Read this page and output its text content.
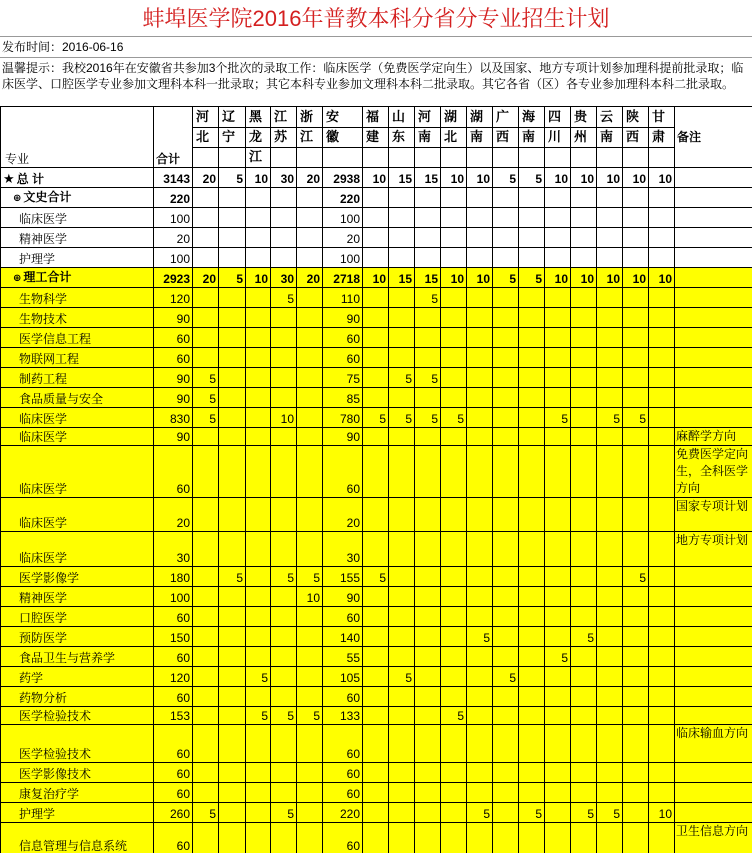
蚌埠医学院2016年普教本科分省分专业招生计划
发布时间：2016-06-16
温馨提示：我校2016年在安徽省共参加3个批次的录取工作：临床医学（免费医学定向生）以及国家、地方专项计划参加理科提前批录取；临床医学、口腔医学专业参加文理科本科一批录取；其它本科专业参加文理科本科二批录取。其它各省（区）各专业参加理科本科二批录取。
专业	合计	河北	辽宁	黑龙江	江苏	浙江	安徽	福建	山东	河南	湖北	湖南	广西	海南	四川	贵州	云南	陕西	甘肃	备注
★ 总 计	3143	20	5	10	30	20	2938	10	15	15	10	10	5	5	10	10	10	10	10	
⊕ 文史合计	220						220													
临床医学	100						100													
精神医学	20						20													
护理学	100						100													
⊕ 理工合计	2923	20	5	10	30	20	2718	10	15	15	10	10	5	5	10	10	10	10	10	
生物科学	120				5		110			5										
生物技术	90						90													
医学信息工程	60						60													
物联网工程	60						60													
制药工程	90	5					75		5	5										
食品质量与安全	90	5					85													
临床医学	830	5			10		780	5	5	5	5				5		5	5		
临床医学	90						90													麻醉学方向
临床医学	60						60													免费医学定向生，全科医学方向
临床医学	20						20													国家专项计划
临床医学	30						30													地方专项计划
医学影像学	180		5		5	5	155	5										5		
精神医学	100					10	90													
口腔医学	60						60													
预防医学	150						140					5				5				
食品卫生与营养学	60						55								5					
药学	120			5			105		5				5							
药物分析	60						60													
医学检验技术	153			5	5	5	133				5									
医学检验技术	60						60													临床输血方向
医学影像技术	60						60													
康复治疗学	60						60													
护理学	260	5			5		220					5		5		5	5		10	
信息管理与信息系统	60						60													卫生信息方向
